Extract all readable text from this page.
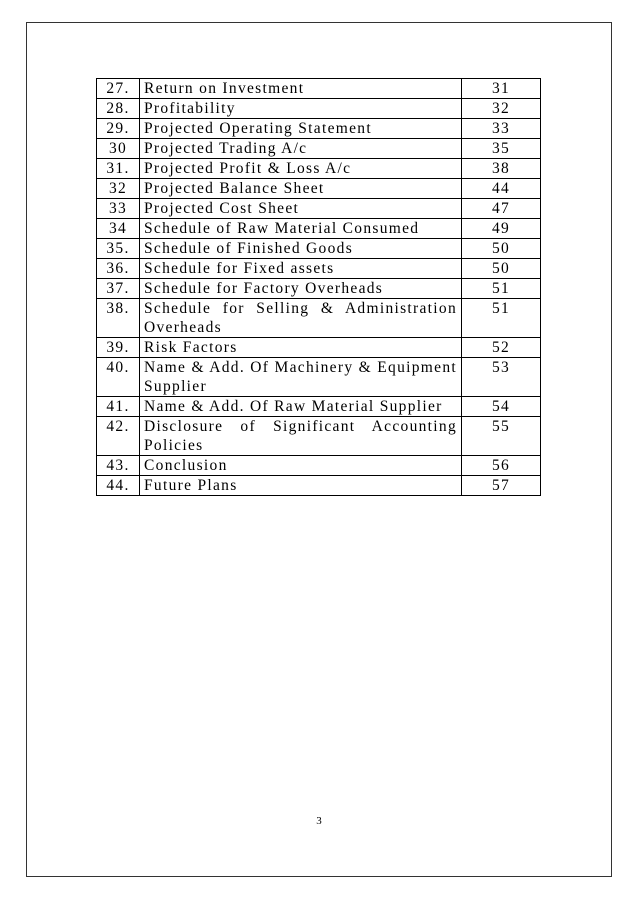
27.	Return on Investment	31
28.	Profitability	32
29.	Projected Operating Statement	33
30	Projected Trading A/c	35
31.	Projected Profit & Loss A/c	38
32	Projected Balance Sheet	44
33	Projected Cost Sheet	47
34	Schedule of Raw Material Consumed	49
35.	Schedule of Finished Goods	50
36.	Schedule for Fixed assets	50
37.	Schedule for Factory Overheads	51
38.	Schedule for Selling & Administration Overheads	51
39.	Risk Factors	52
40.	Name & Add. Of Machinery & Equipment Supplier	53
41.	Name & Add. Of Raw Material Supplier	54
42.	Disclosure of Significant Accounting Policies	55
43.	Conclusion	56
44.	Future Plans	57
3
